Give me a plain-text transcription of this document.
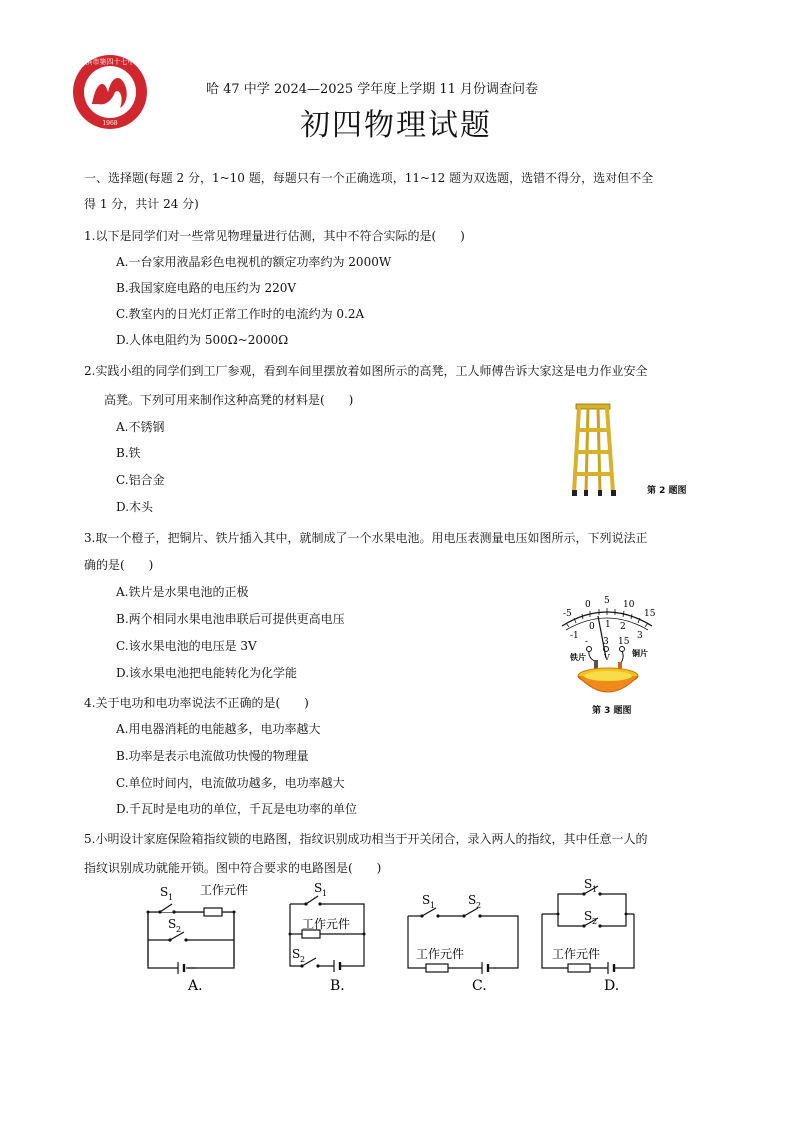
哈尔滨市第四十七中学校
1968
哈 47 中学 2024—2025 学年度上学期 11 月份调查问卷
初四物理试题
一、选择题(每题 2 分，1~10 题，每题只有一个正确选项，11~12 题为双选题，选错不得分，选对但不全
得 1 分，共计 24 分)
1.以下是同学们对一些常见物理量进行估测，其中不符合实际的是(　　)
A.一台家用液晶彩色电视机的额定功率约为 2000W
B.我国家庭电路的电压约为 220V
C.教室内的日光灯正常工作时的电流约为 0.2A
D.人体电阻约为 500Ω~2000Ω
2.实践小组的同学们到工厂参观，看到车间里摆放着如图所示的高凳，工人师傅告诉大家这是电力作业安全
高凳。下列可用来制作这种高凳的材料是(　　)
A.不锈钢
B.铁
C.铝合金
D.木头
第 2 题图
3.取一个橙子，把铜片、铁片插入其中，就制成了一个水果电池。用电压表测量电压如图所示，下列说法正
确的是(　　)
A.铁片是水果电池的正极
B.两个相同水果电池串联后可提供更高电压
C.该水果电池的电压是 3V
D.该水果电池把电能转化为化学能
-5
0 5 10
15
-1
0 1 2
3
- 3 15
V
铁片	铜片
第 3 题图
4.关于电功和电功率说法不正确的是(　　)
A.用电器消耗的电能越多，电功率越大
B.功率是表示电流做功快慢的物理量
C.单位时间内，电流做功越多，电功率越大
D.千瓦时是电功的单位，千瓦是电功率的单位
5.小明设计家庭保险箱指纹锁的电路图，指纹识别成功相当于开关闭合，录入两人的指纹，其中任意一人的
指纹识别成功就能开锁。图中符合要求的电路图是(　　)
S 1
S 2
工作元件
A.
S 1
工作元件
S 2
B.
S 1	S 2
工作元件
C.
S 1
S 2
工作元件
D.
